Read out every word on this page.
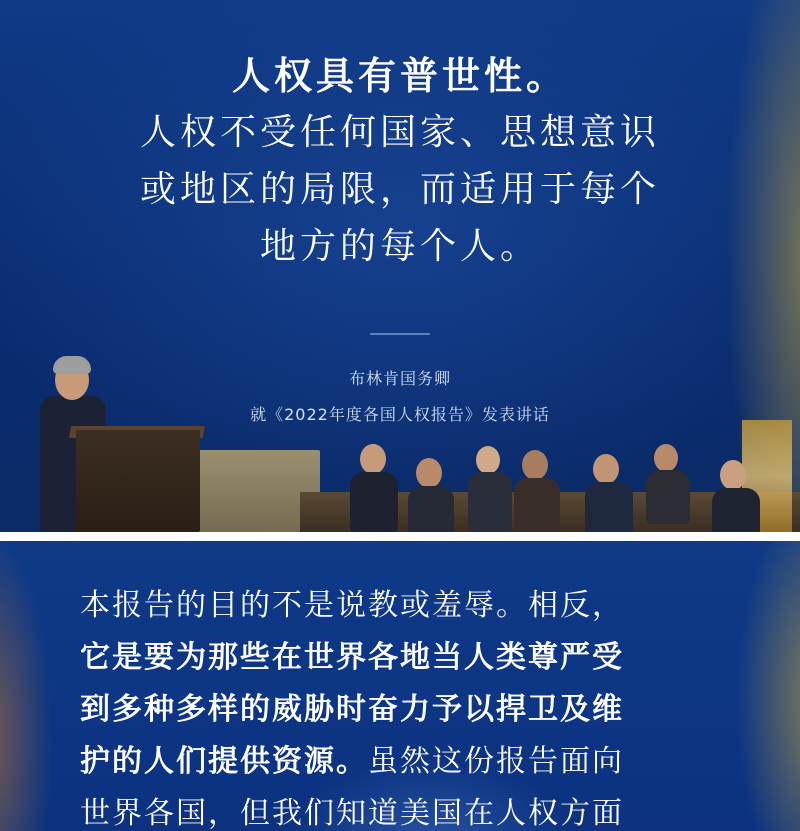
人权具有普世性。
人权不受任何国家、思想意识
或地区的局限，而适用于每个
地方的每个人。
布林肯国务卿
就《2022年度各国人权报告》发表讲话
本报告的目的不是说教或羞辱。相反，
它是要为那些在世界各地当人类尊严受
到多种多样的威胁时奋力予以捍卫及维
护的人们提供资源。虽然这份报告面向
世界各国，但我们知道美国在人权方面
